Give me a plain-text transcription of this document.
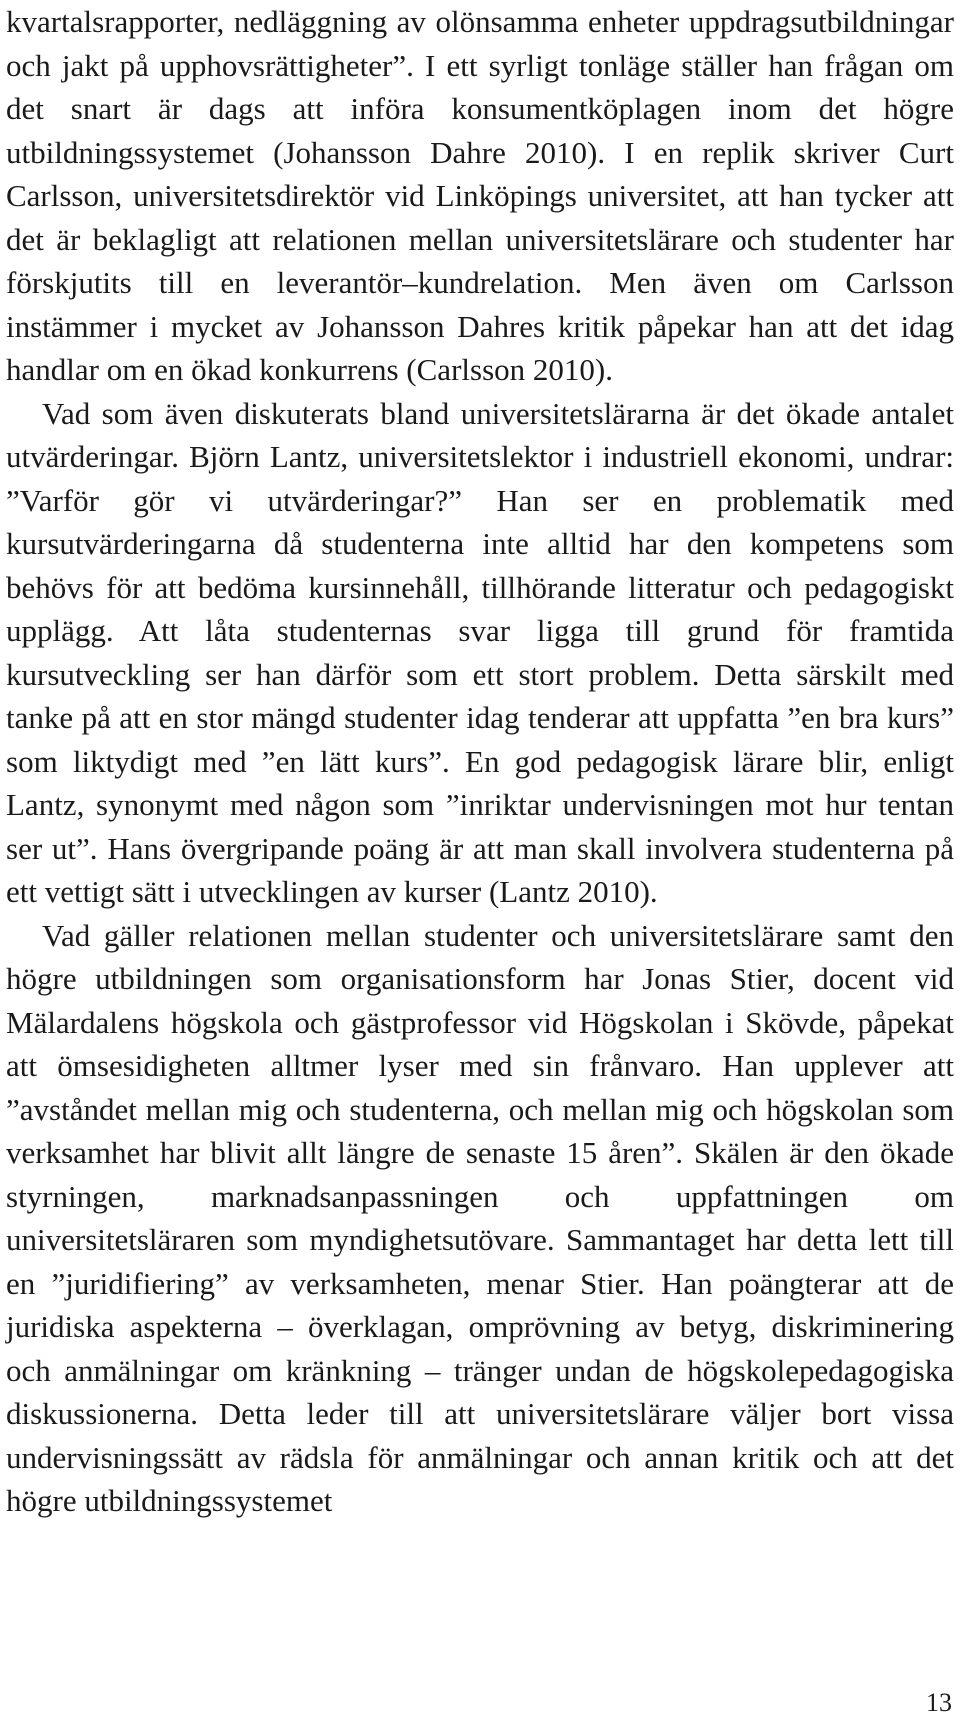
kvartalsrapporter, nedläggning av olönsamma enheter uppdragsutbildningar och jakt på upphovsrättigheter”. I ett syrligt tonläge ställer han frågan om det snart är dags att införa konsumentköplagen inom det högre utbildningssystemet (Johansson Dahre 2010). I en replik skriver Curt Carlsson, universitetsdirektör vid Linköpings universitet, att han tycker att det är beklagligt att relationen mellan universitetslärare och studenter har förskjutits till en leverantör–kundrelation. Men även om Carlsson instämmer i mycket av Johansson Dahres kritik påpekar han att det idag handlar om en ökad konkurrens (Carlsson 2010).

Vad som även diskuterats bland universitetslärarna är det ökade antalet utvärderingar. Björn Lantz, universitetslektor i industriell ekonomi, undrar: ”Varför gör vi utvärderingar?” Han ser en problematik med kursutvärderingarna då studenterna inte alltid har den kompetens som behövs för att bedöma kursinnehåll, tillhörande litteratur och pedagogiskt upplägg. Att låta studenternas svar ligga till grund för framtida kursutveckling ser han därför som ett stort problem. Detta särskilt med tanke på att en stor mängd studenter idag tenderar att uppfatta ”en bra kurs” som liktydigt med ”en lätt kurs”. En god pedagogisk lärare blir, enligt Lantz, synonymt med någon som ”inriktar undervisningen mot hur tentan ser ut”. Hans övergripande poäng är att man skall involvera studenterna på ett vettigt sätt i utvecklingen av kurser (Lantz 2010).

Vad gäller relationen mellan studenter och universitetslärare samt den högre utbildningen som organisationsform har Jonas Stier, docent vid Mälardalens högskola och gästprofessor vid Högskolan i Skövde, påpekat att ömsesidigheten alltmer lyser med sin frånvaro. Han upplever att ”avståndet mellan mig och studenterna, och mellan mig och högskolan som verksamhet har blivit allt längre de senaste 15 åren”. Skälen är den ökade styrningen, marknadsanpassningen och uppfattningen om universitetsläraren som myndighetsutövare. Sammantaget har detta lett till en ”juridifiering” av verksamheten, menar Stier. Han poängterar att de juridiska aspekterna – överklagan, omprövning av betyg, diskriminering och anmälningar om kränkning – tränger undan de högskolepedagogiska diskussionerna. Detta leder till att universitetslärare väljer bort vissa undervisningssätt av rädsla för anmälningar och annan kritik och att det högre utbildningssystemet

13
